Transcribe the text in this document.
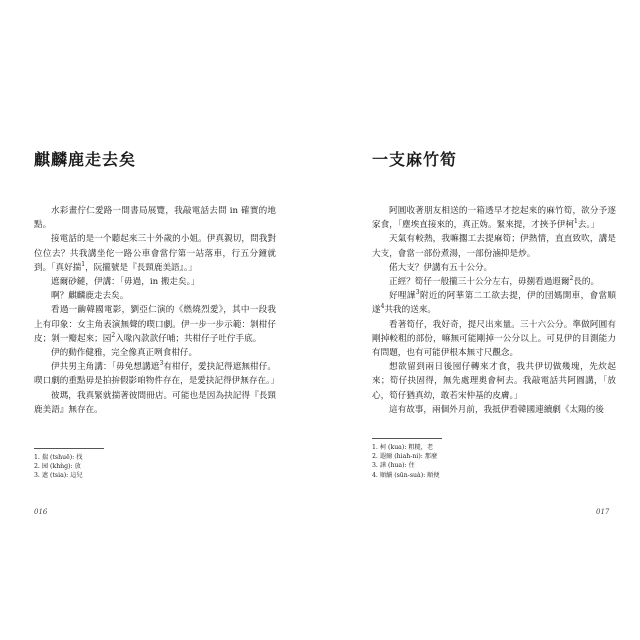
麒麟鹿走去矣

水彩畫佇仁愛路一間書局展覽，我敲電話去問 in 確實的地點。

接電話的是一个聽起來三十外歲的小姐。伊真親切，問我對位位去？共我講坐佗一路公車會當佇第一站落車，行五分鐘就到。「真好揣$^1$，阮攏號是『長頸鹿美語』。」

遮爾砂鏈，伊講：「毋過，in 搬走矣。」

啊？麒麟鹿走去矣。

看過一齣韓國電影，劉亞仁演的《燃燒烈愛》，其中一段我上有印象：女主角表演無聲的喫口劇。伊一步一步示範：剝柑仔皮；剝一瓣起來；园$^2$入喙內款款仔哺；共柑仔子吐佇手底。

伊的動作健雅，完全像真正咧食柑仔。

伊共男主角講：「毋免想講遮$^3$有柑仔，愛抉記得遮無柑仔。喫口劇的重點毋是拍拚假影咱物件存在，是愛抉記得伊無存在。」

彼瑪，我真緊就揣著彼間冊店。可能也是因為抉記得『長頸鹿美語』無存在。

1. 揣 (tshuē): 找
2. 园 (khǹg): 放
3. 遮 (tsia): 這兒
016
一支麻竹筍

阿圓收著朋友相送的一箱透早才挖起來的麻竹筍，欲分予逐家食，「塵埃直接來的，真正妫。緊來提，才挾予伊柯$^1$去。」

天氣有較熱，我嘛擱工去提麻筍；伊熱情，直直致吹，講是大支，會當一部份煮湯，一部份滷抑是炒。

偌大支？伊講有五十公分。

正經？筍仔一般攏三十公分左右，毋捌看過遐爾$^2$長的。

好哩譁$^3$附近的阿華第二工欲去提，伊的団媽開車，會當順遂$^4$共我的送來。

看著筍仔，我好奇，提尺出來量。三十六公分。準做阿圓有剛掉較粗的部份，嘛無可能剛掉一公分以上。可見伊的目測能力有問題，也有可能伊根本無寸尺觀念。

想欲留到兩日後囤仔轉來才食，我共伊切做幾塊，先炊起來；筍仔抉固得，無先處理奧會柯去。我敲電話共阿圓講，「放心，筍仔猶真幼，敢若宋仲基的皮膚。」

這有故事，兩個外月前，我抵伊看韓國連續劇《太陽的後

1. 柯 (kua): 粗糙，老
2. 遐爾 (hiah-ni): 那麼
3. 譁 (hua): 住
4. 順續 (sūn-suà): 順便
017
